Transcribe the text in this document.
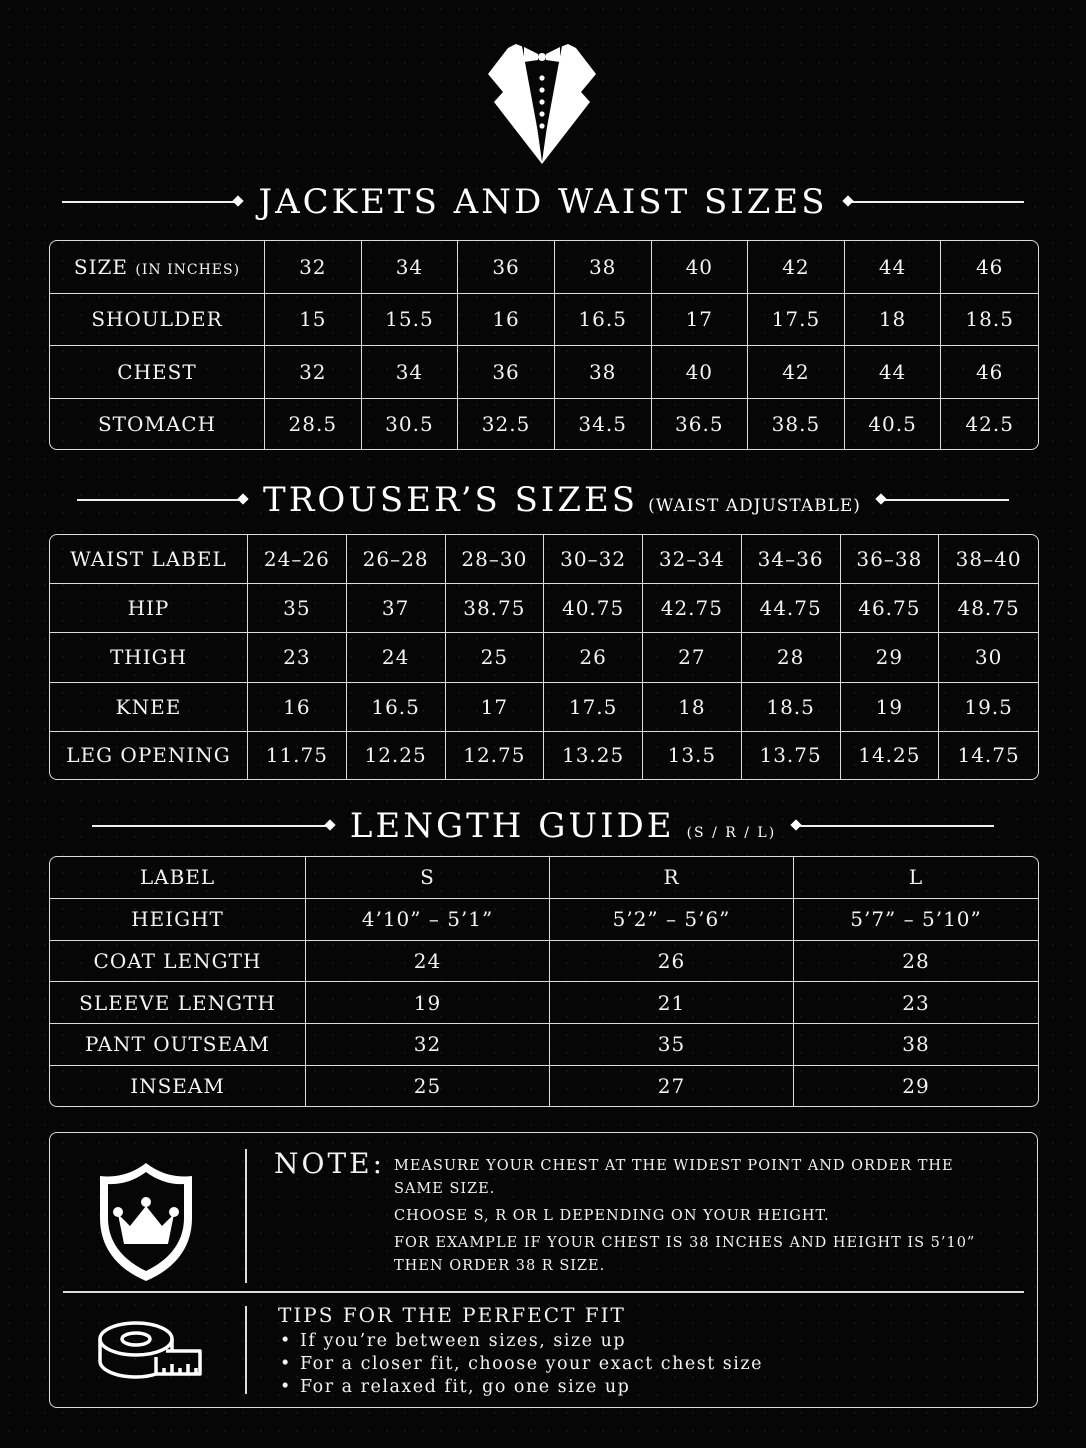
JACKETS AND WAIST SIZES
SIZE (IN INCHES)	32	34	36	38	40	42	44	46
SHOULDER	15	15.5	16	16.5	17	17.5	18	18.5
CHEST	32	34	36	38	40	42	44	46
STOMACH	28.5	30.5	32.5	34.5	36.5	38.5	40.5	42.5
TROUSER’S SIZES (WAIST ADJUSTABLE)
WAIST LABEL	24–26	26–28	28–30	30–32	32–34	34–36	36–38	38–40
HIP	35	37	38.75	40.75	42.75	44.75	46.75	48.75
THIGH	23	24	25	26	27	28	29	30
KNEE	16	16.5	17	17.5	18	18.5	19	19.5
LEG OPENING	11.75	12.25	12.75	13.25	13.5	13.75	14.25	14.75
LENGTH GUIDE (S / R / L)
LABEL	S	R	L
HEIGHT	4’10” – 5’1”	5’2” – 5’6”	5’7” – 5’10”
COAT LENGTH	24	26	28
SLEEVE LENGTH	19	21	23
PANT OUTSEAM	32	35	38
INSEAM	25	27	29
NOTE: MEASURE YOUR CHEST AT THE WIDEST POINT AND ORDER THE SAME SIZE.
CHOOSE S, R OR L DEPENDING ON YOUR HEIGHT.
FOR EXAMPLE IF YOUR CHEST IS 38 INCHES AND HEIGHT IS 5’10” THEN ORDER 38 R SIZE.
TIPS FOR THE PERFECT FIT
• If you’re between sizes, size up
• For a closer fit, choose your exact chest size
• For a relaxed fit, go one size up
